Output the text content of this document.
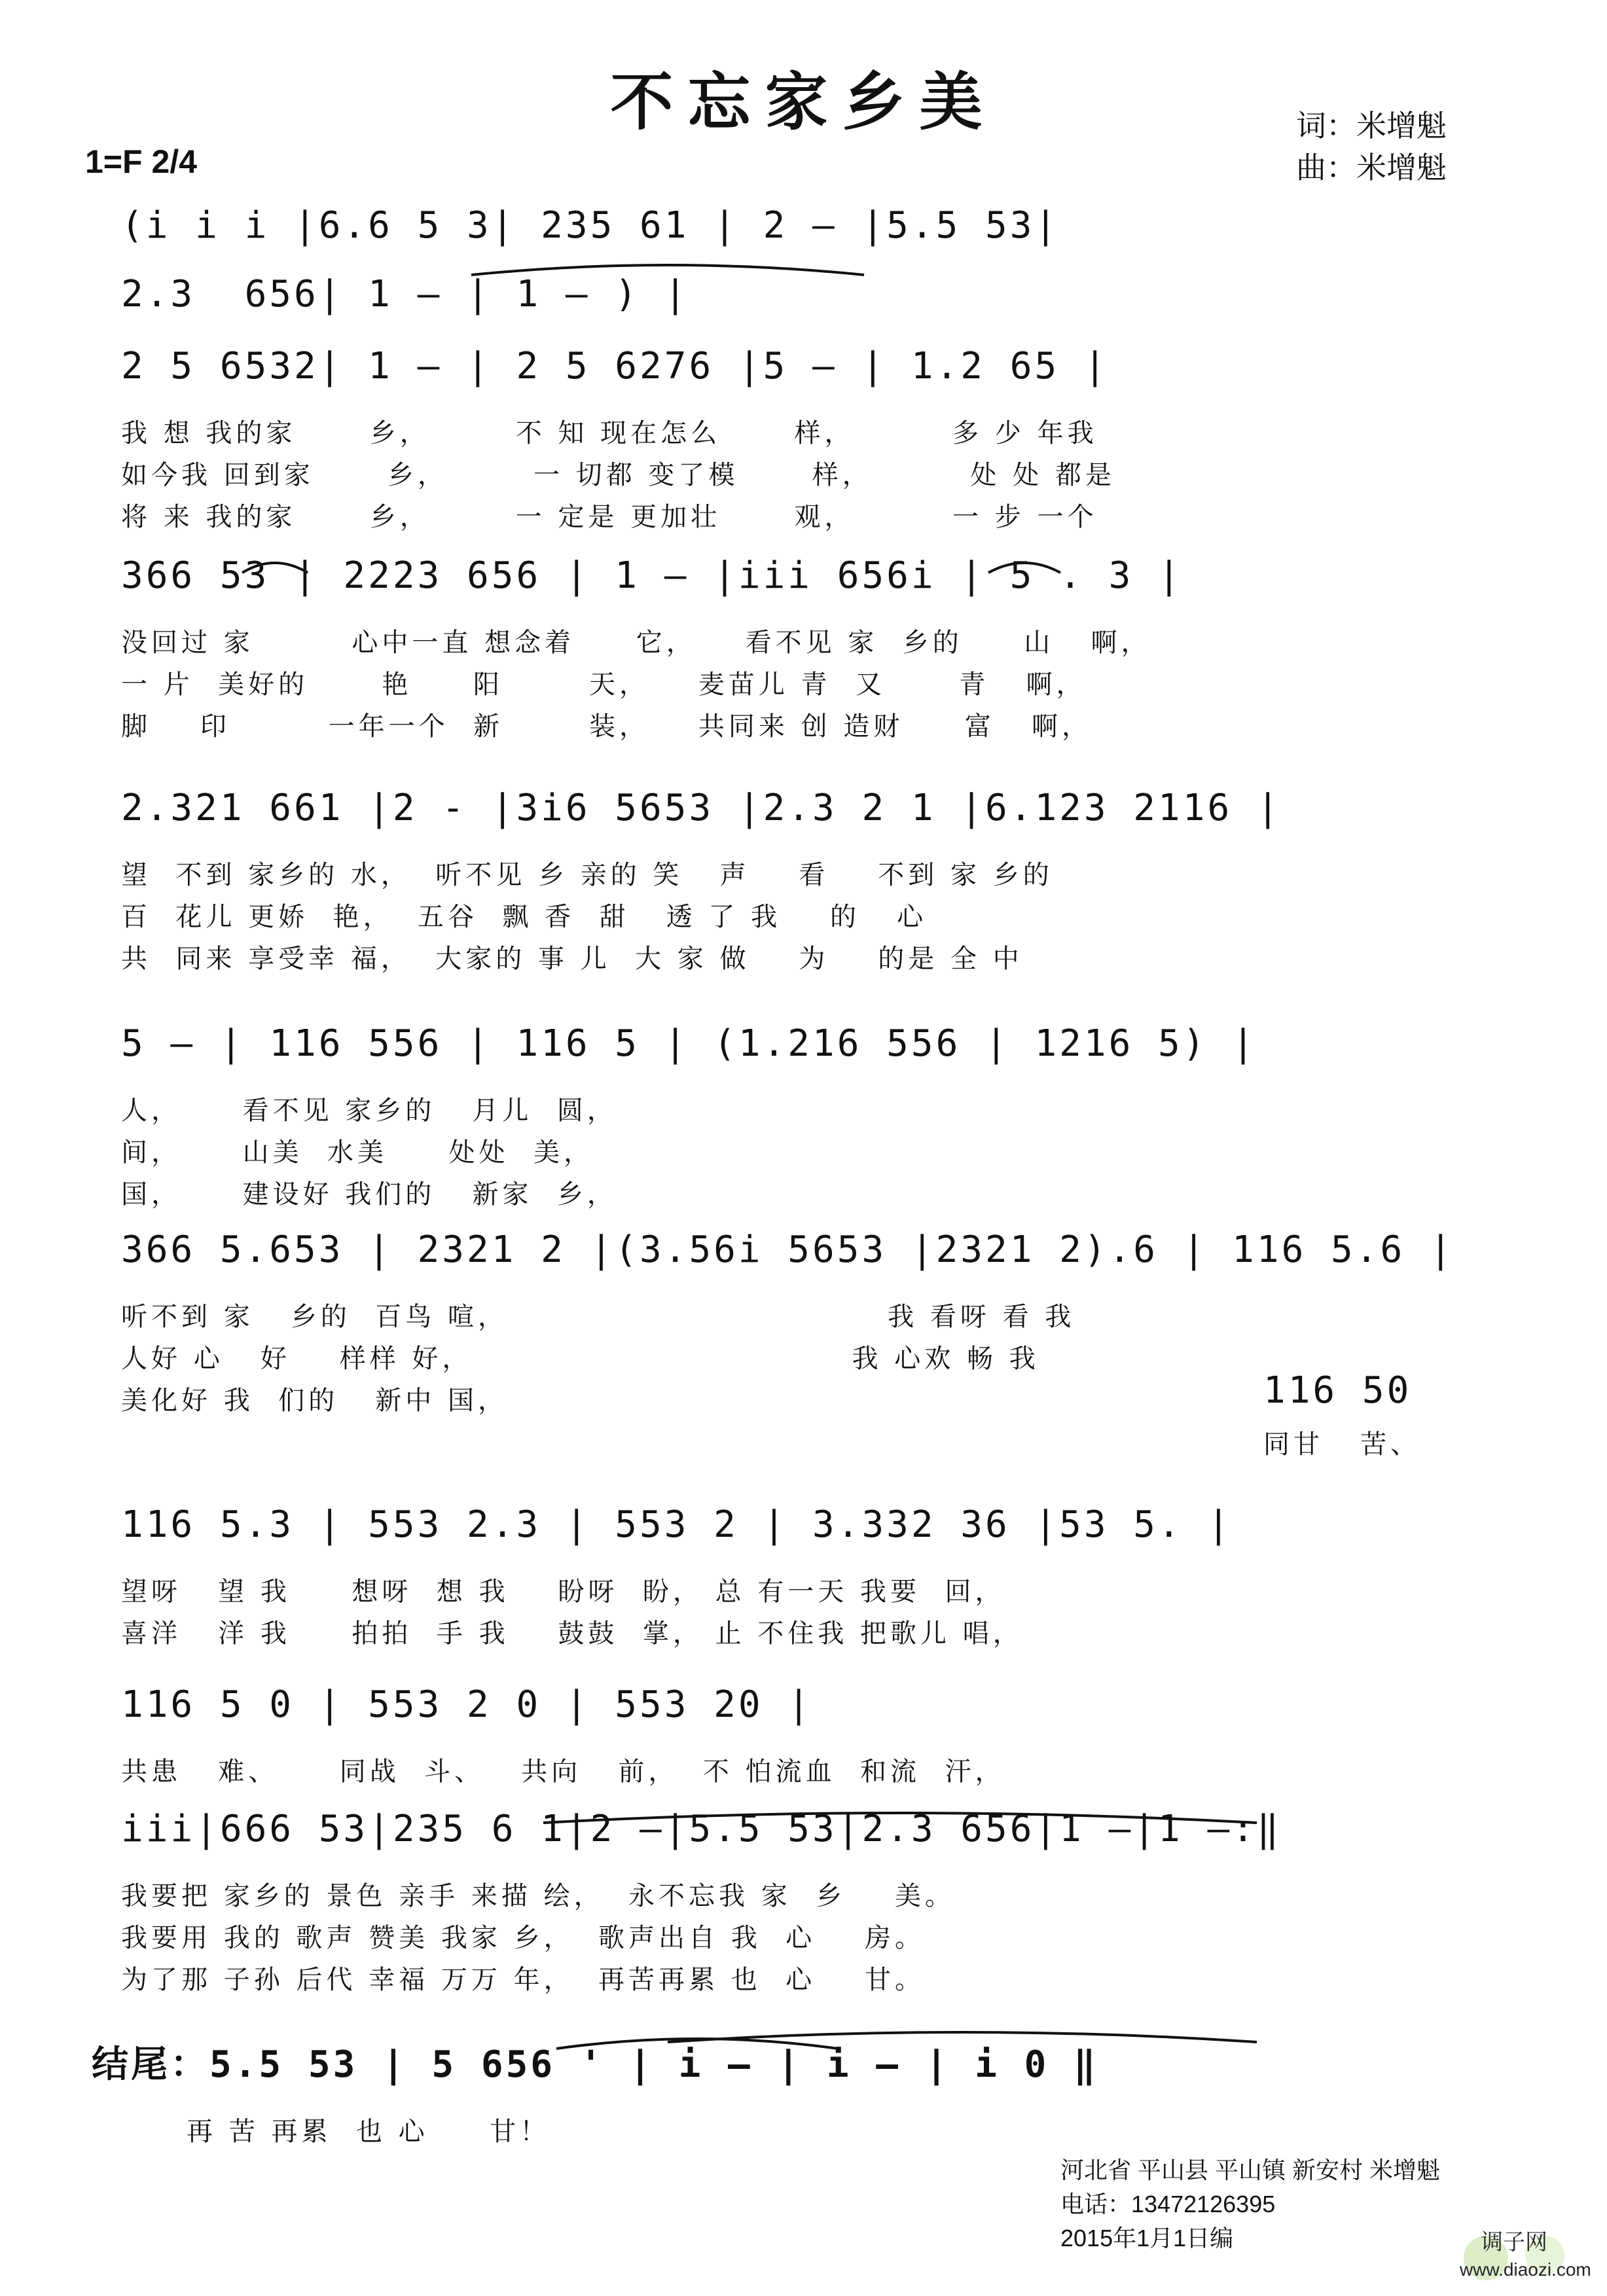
不忘家乡美	词：米增魁
曲：米增魁
1=F 2/4
(i i i |6.6 5 3| 235 61 | 2 — |5.5 53|
2.3  656| 1 — | 1 — ) |
2 5 6532| 1 — | 2 5 6276 |5 — | 1.2 65 |
我 想 我的家      乡，       不 知 现在怎么      样，        多 少 年我
如今我 回到家      乡，       一 切都 变了模      样，        处 处 都是
将 来 我的家      乡，       一 定是 更加壮      观，        一 步 一个
366 53 | 2223 656 | 1 — |iii 656i | 5 . 3 |
没回过 家        心中一直 想念着     它，    看不见 家  乡的     山   啊，
一 片  美好的      艳     阳       天，    麦苗儿 青  又      青   啊，
脚    印        一年一个  新       装，    共同来 创 造财     富   啊，
2.321 661 |2 - |3i6 5653 |2.3 2 1 |6.123 2116 |
望  不到 家乡的 水，  听不见 乡 亲的 笑   声    看    不到 家 乡的
百  花儿 更娇  艳，  五谷  飘 香  甜   透 了 我    的   心
共  同来 享受幸 福，  大家的 事 儿  大 家 做    为    的是 全 中
5 — | 116 556 | 116 5 | (1.216 556 | 1216 5) |
人，     看不见 家乡的   月儿  圆，
间，     山美  水美     处处  美，
国，     建设好 我们的   新家  乡，
366 5.653 | 2321 2 |(3.56i 5653 |2321 2).6 | 116 5.6 |
听不到 家   乡的  百鸟 喧，                               我 看呀 看 我
人好 心   好    样样 好，                               我 心欢 畅 我
美化好 我  们的   新中 国，
116 5.3 | 553 2.3 | 553 2 | 3.332 36 |53 5. |
望呀   望 我     想呀  想 我    盼呀  盼， 总 有一天 我要  回，
喜洋   洋 我     拍拍  手 我    鼓鼓  掌， 止 不住我 把歌儿 唱，
116 5 0 | 553 2 0 | 553 20 |
共患   难、     同战  斗、   共向   前，  不 怕流血  和流  汗，
iii|666 53|235 6 1|2 —|5.5 53|2.3 656|1 —|1 —:‖
我要把 家乡的 景色 亲手 来描 绘，  永不忘我 家  乡    美。
我要用 我的 歌声 赞美 我家 乡，  歌声出自 我  心    房。
为了那 子孙 后代 幸福 万万 年，  再苦再累 也  心    甘。
结尾：5.5 53 | 5 656 ' | i — | i — | i 0 ‖
再 苦 再累  也 心     甘！
116 50
同甘   苦、
河北省 平山县 平山镇 新安村 米增魁
电话：13472126395
2015年1月1日编	调子网
www.diaozi.com
